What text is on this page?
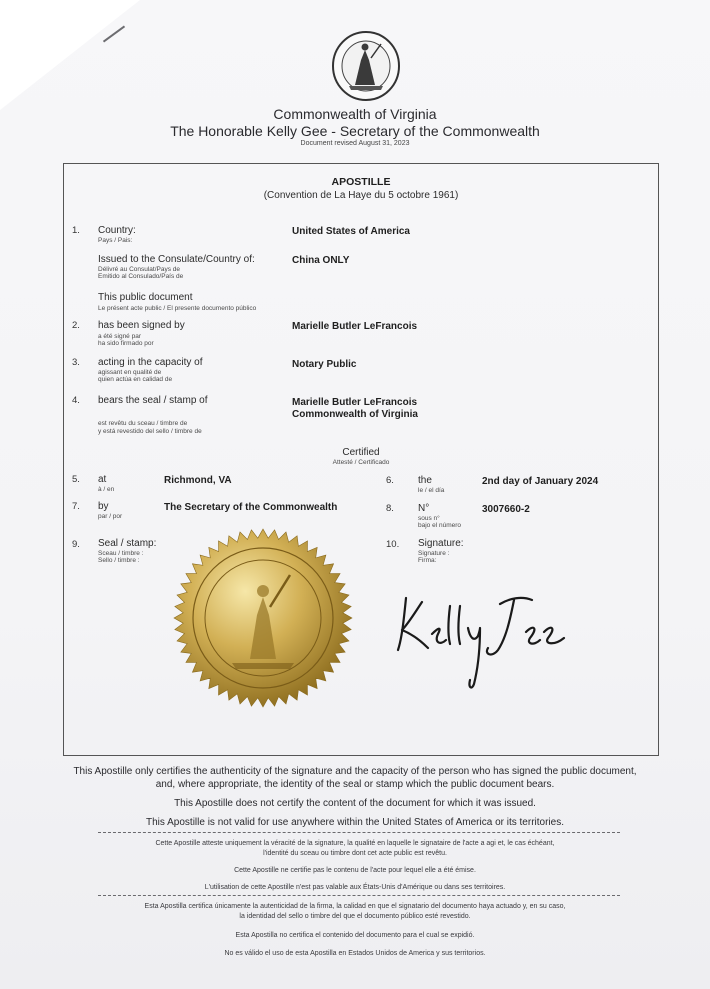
Commonwealth of Virginia
The Honorable Kelly Gee - Secretary of the Commonwealth
Document revised August 31, 2023
APOSTILLE
(Convention de La Haye du 5 octobre 1961)
1. Country:
Pays / Pais:
United States of America
Issued to the Consulate/Country of:
Délivré au Consulat/Pays de
Emitido al Consulado/País de
China ONLY
This public document
Le présent acte public / El presente documento público
2. has been signed by
a été signé par
ha sido firmado por
Marielle Butler LeFrancois
3. acting in the capacity of
agissant en qualité de
quien actúa en calidad de
Notary Public
4. bears the seal / stamp of
est revêtu du sceau / timbre de
y está revestido del sello / timbre de
Marielle Butler LeFrancois
Commonwealth of Virginia
Certified
Attesté / Certificado
5. at
à / en
Richmond, VA	6. the
le / el día
2nd day of January 2024
7. by
par / por
The Secretary of the Commonwealth	8. N°
sous n°
bajo el número
3007660-2
9. Seal / stamp:
Sceau / timbre :
Sello / timbre :
10. Signature:
Signature :
Firma:
This Apostille only certifies the authenticity of the signature and the capacity of the person who has signed the public document,
and, where appropriate, the identity of the seal or stamp which the public document bears.
This Apostille does not certify the content of the document for which it was issued.
This Apostille is not valid for use anywhere within the United States of America or its territories.
Cette Apostille atteste uniquement la véracité de la signature, la qualité en laquelle le signataire de l'acte a agi et, le cas échéant,
l'identité du sceau ou timbre dont cet acte public est revêtu.
Cette Apostille ne certifie pas le contenu de l'acte pour lequel elle a été émise.
L'utilisation de cette Apostille n'est pas valable aux États-Unis d'Amérique ou dans ses territoires.
Esta Apostilla certifica únicamente la autenticidad de la firma, la calidad en que el signatario del documento haya actuado y, en su caso,
la identidad del sello o timbre del que el documento público esté revestido.
Esta Apostilla no certifica el contenido del documento para el cual se expidió.
No es válido el uso de esta Apostilla en Estados Unidos de America y sus territorios.
